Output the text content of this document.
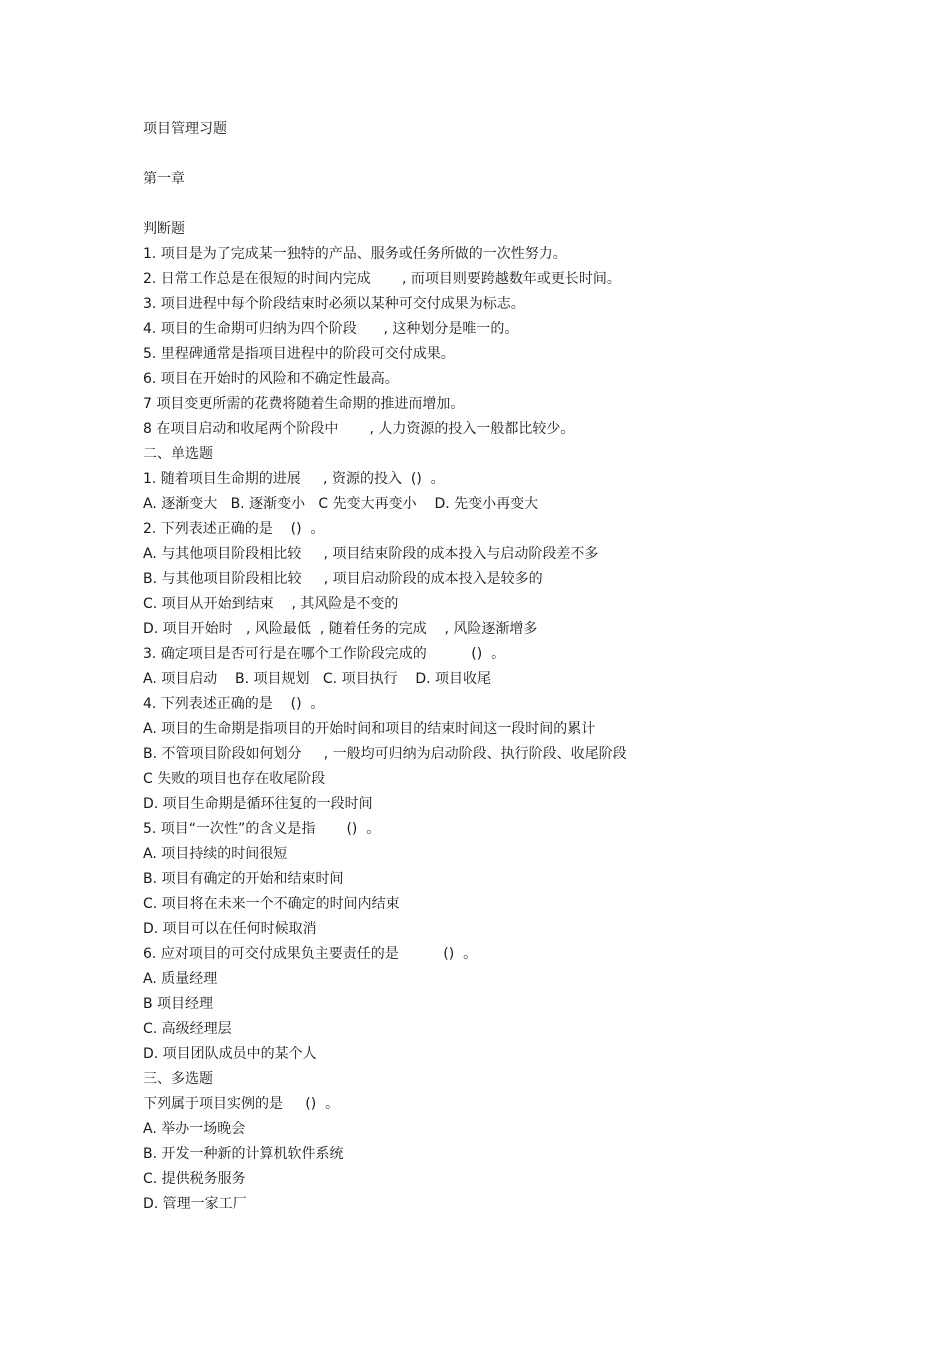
项目管理习题
第一章
判断题
1. 项目是为了完成某一独特的产品、服务或任务所做的一次性努力。
2. 日常工作总是在很短的时间内完成       , 而项目则要跨越数年或更长时间。
3. 项目进程中每个阶段结束时必须以某种可交付成果为标志。
4. 项目的生命期可归纳为四个阶段      , 这种划分是唯一的。
5. 里程碑通常是指项目进程中的阶段可交付成果。
6. 项目在开始时的风险和不确定性最高。
7 项目变更所需的花费将随着生命期的推进而增加。
8 在项目启动和收尾两个阶段中       , 人力资源的投入一般都比较少。
二、单选题
1. 随着项目生命期的进展     , 资源的投入  ()  。
A. 逐渐变大   B. 逐渐变小   C 先变大再变小    D. 先变小再变大
2. 下列表述正确的是    ()  。
A. 与其他项目阶段相比较     , 项目结束阶段的成本投入与启动阶段差不多
B. 与其他项目阶段相比较     , 项目启动阶段的成本投入是较多的
C. 项目从开始到结束    , 其风险是不变的
D. 项目开始时   , 风险最低  , 随着任务的完成    , 风险逐渐增多
3. 确定项目是否可行是在哪个工作阶段完成的          ()  。
A. 项目启动    B. 项目规划   C. 项目执行    D. 项目收尾
4. 下列表述正确的是    ()  。
A. 项目的生命期是指项目的开始时间和项目的结束时间这一段时间的累计
B. 不管项目阶段如何划分     , 一般均可归纳为启动阶段、执行阶段、收尾阶段
C 失败的项目也存在收尾阶段
D. 项目生命期是循环往复的一段时间
5. 项目“一次性”的含义是指       ()  。
A. 项目持续的时间很短
B. 项目有确定的开始和结束时间
C. 项目将在未来一个不确定的时间内结束
D. 项目可以在任何时候取消
6. 应对项目的可交付成果负主要责任的是          ()  。
A. 质量经理
B 项目经理
C. 高级经理层
D. 项目团队成员中的某个人
三、多选题
下列属于项目实例的是     ()  。
A. 举办一场晚会
B. 开发一种新的计算机软件系统
C. 提供税务服务
D. 管理一家工厂
